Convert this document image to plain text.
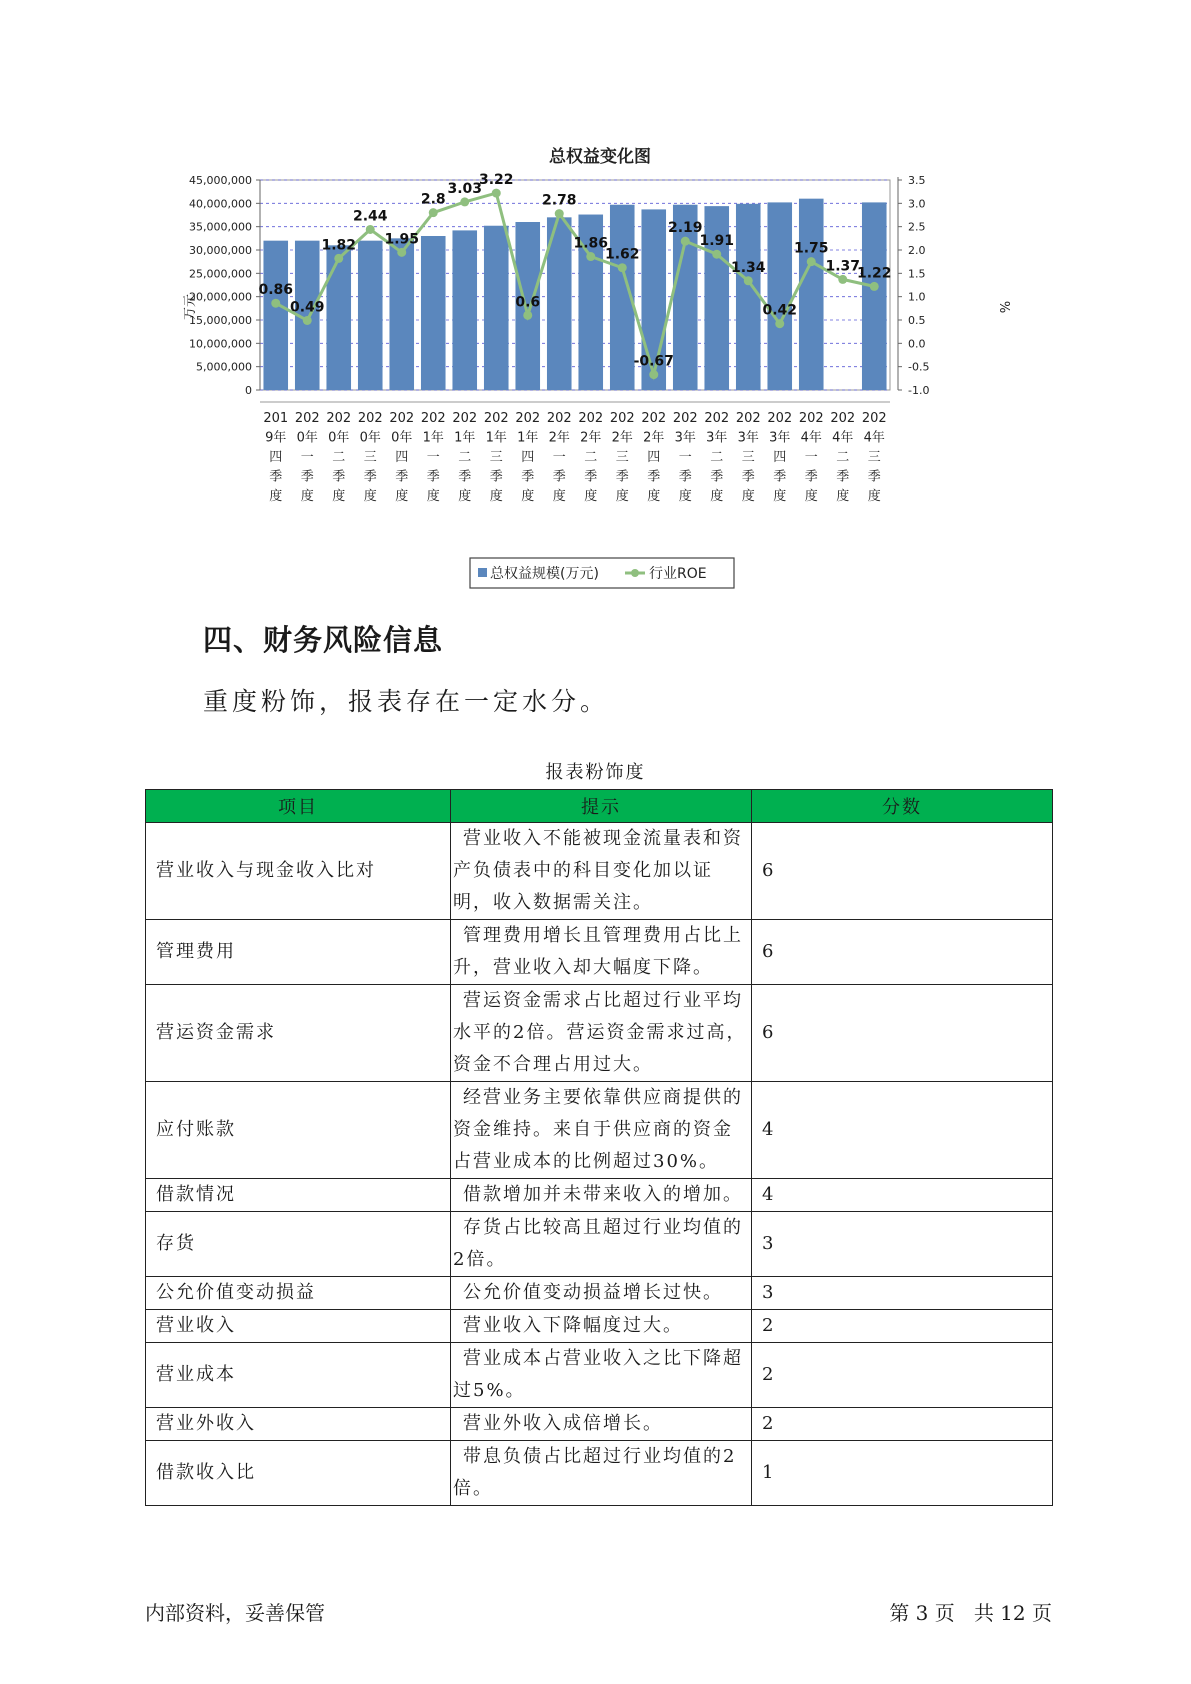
总权益变化图
0
5,000,000
10,000,000
15,000,000
20,000,000
25,000,000
30,000,000
35,000,000
40,000,000
45,000,000
-1.0
-0.5
0.0
0.5
1.0
1.5
2.0
2.5
3.0
3.5
0.86
0.49
1.82
2.44
1.95
2.8
3.03
3.22
0.6
2.78
1.86
1.62
-0.67
2.19
1.91
1.34
0.42
1.75
1.37
1.22
201
9年
四
季
度
202
0年
一
季
度
202
0年
二
季
度
202
0年
三
季
度
202
0年
四
季
度
202
1年
一
季
度
202
1年
二
季
度
202
1年
三
季
度
202
1年
四
季
度
202
2年
一
季
度
202
2年
二
季
度
202
2年
三
季
度
202
2年
四
季
度
202
3年
一
季
度
202
3年
二
季
度
202
3年
三
季
度
202
3年
四
季
度
202
4年
一
季
度
202
4年
二
季
度
202
4年
三
季
度
万元	%
总权益规模(万元)	行业ROE
四、财务风险信息

重度粉饰，报表存在一定水分。

报表粉饰度
项目	提示	分数
营业收入与现金收入比对	营业收入不能被现金流量表和资产负债表中的科目变化加以证明，收入数据需关注。	6
管理费用	管理费用增长且管理费用占比上升，营业收入却大幅度下降。	6
营运资金需求	营运资金需求占比超过行业平均水平的2倍。营运资金需求过高，资金不合理占用过大。	6
应付账款	经营业务主要依靠供应商提供的资金维持。来自于供应商的资金占营业成本的比例超过30%。	4
借款情况	借款增加并未带来收入的增加。	4
存货	存货占比较高且超过行业均值的2倍。	3
公允价值变动损益	公允价值变动损益增长过快。	3
营业收入	营业收入下降幅度过大。	2
营业成本	营业成本占营业收入之比下降超过5%。	2
营业外收入	营业外收入成倍增长。	2
借款收入比	带息负债占比超过行业均值的2倍。	1
内部资料，妥善保管	第 3 页   共 12 页
